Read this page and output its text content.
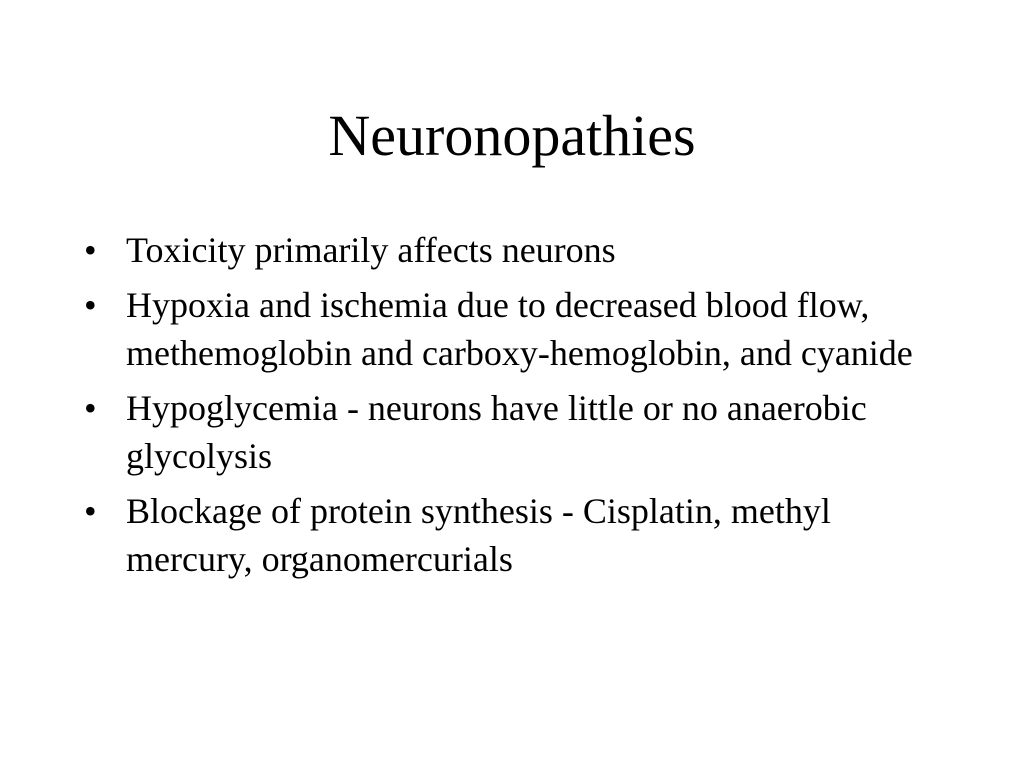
Neuronopathies
• Toxicity primarily affects neurons
• Hypoxia and ischemia due to decreased blood flow, methemoglobin and carboxy-hemoglobin, and cyanide
• Hypoglycemia - neurons have little or no anaerobic glycolysis
• Blockage of protein synthesis - Cisplatin, methyl mercury, organomercurials
